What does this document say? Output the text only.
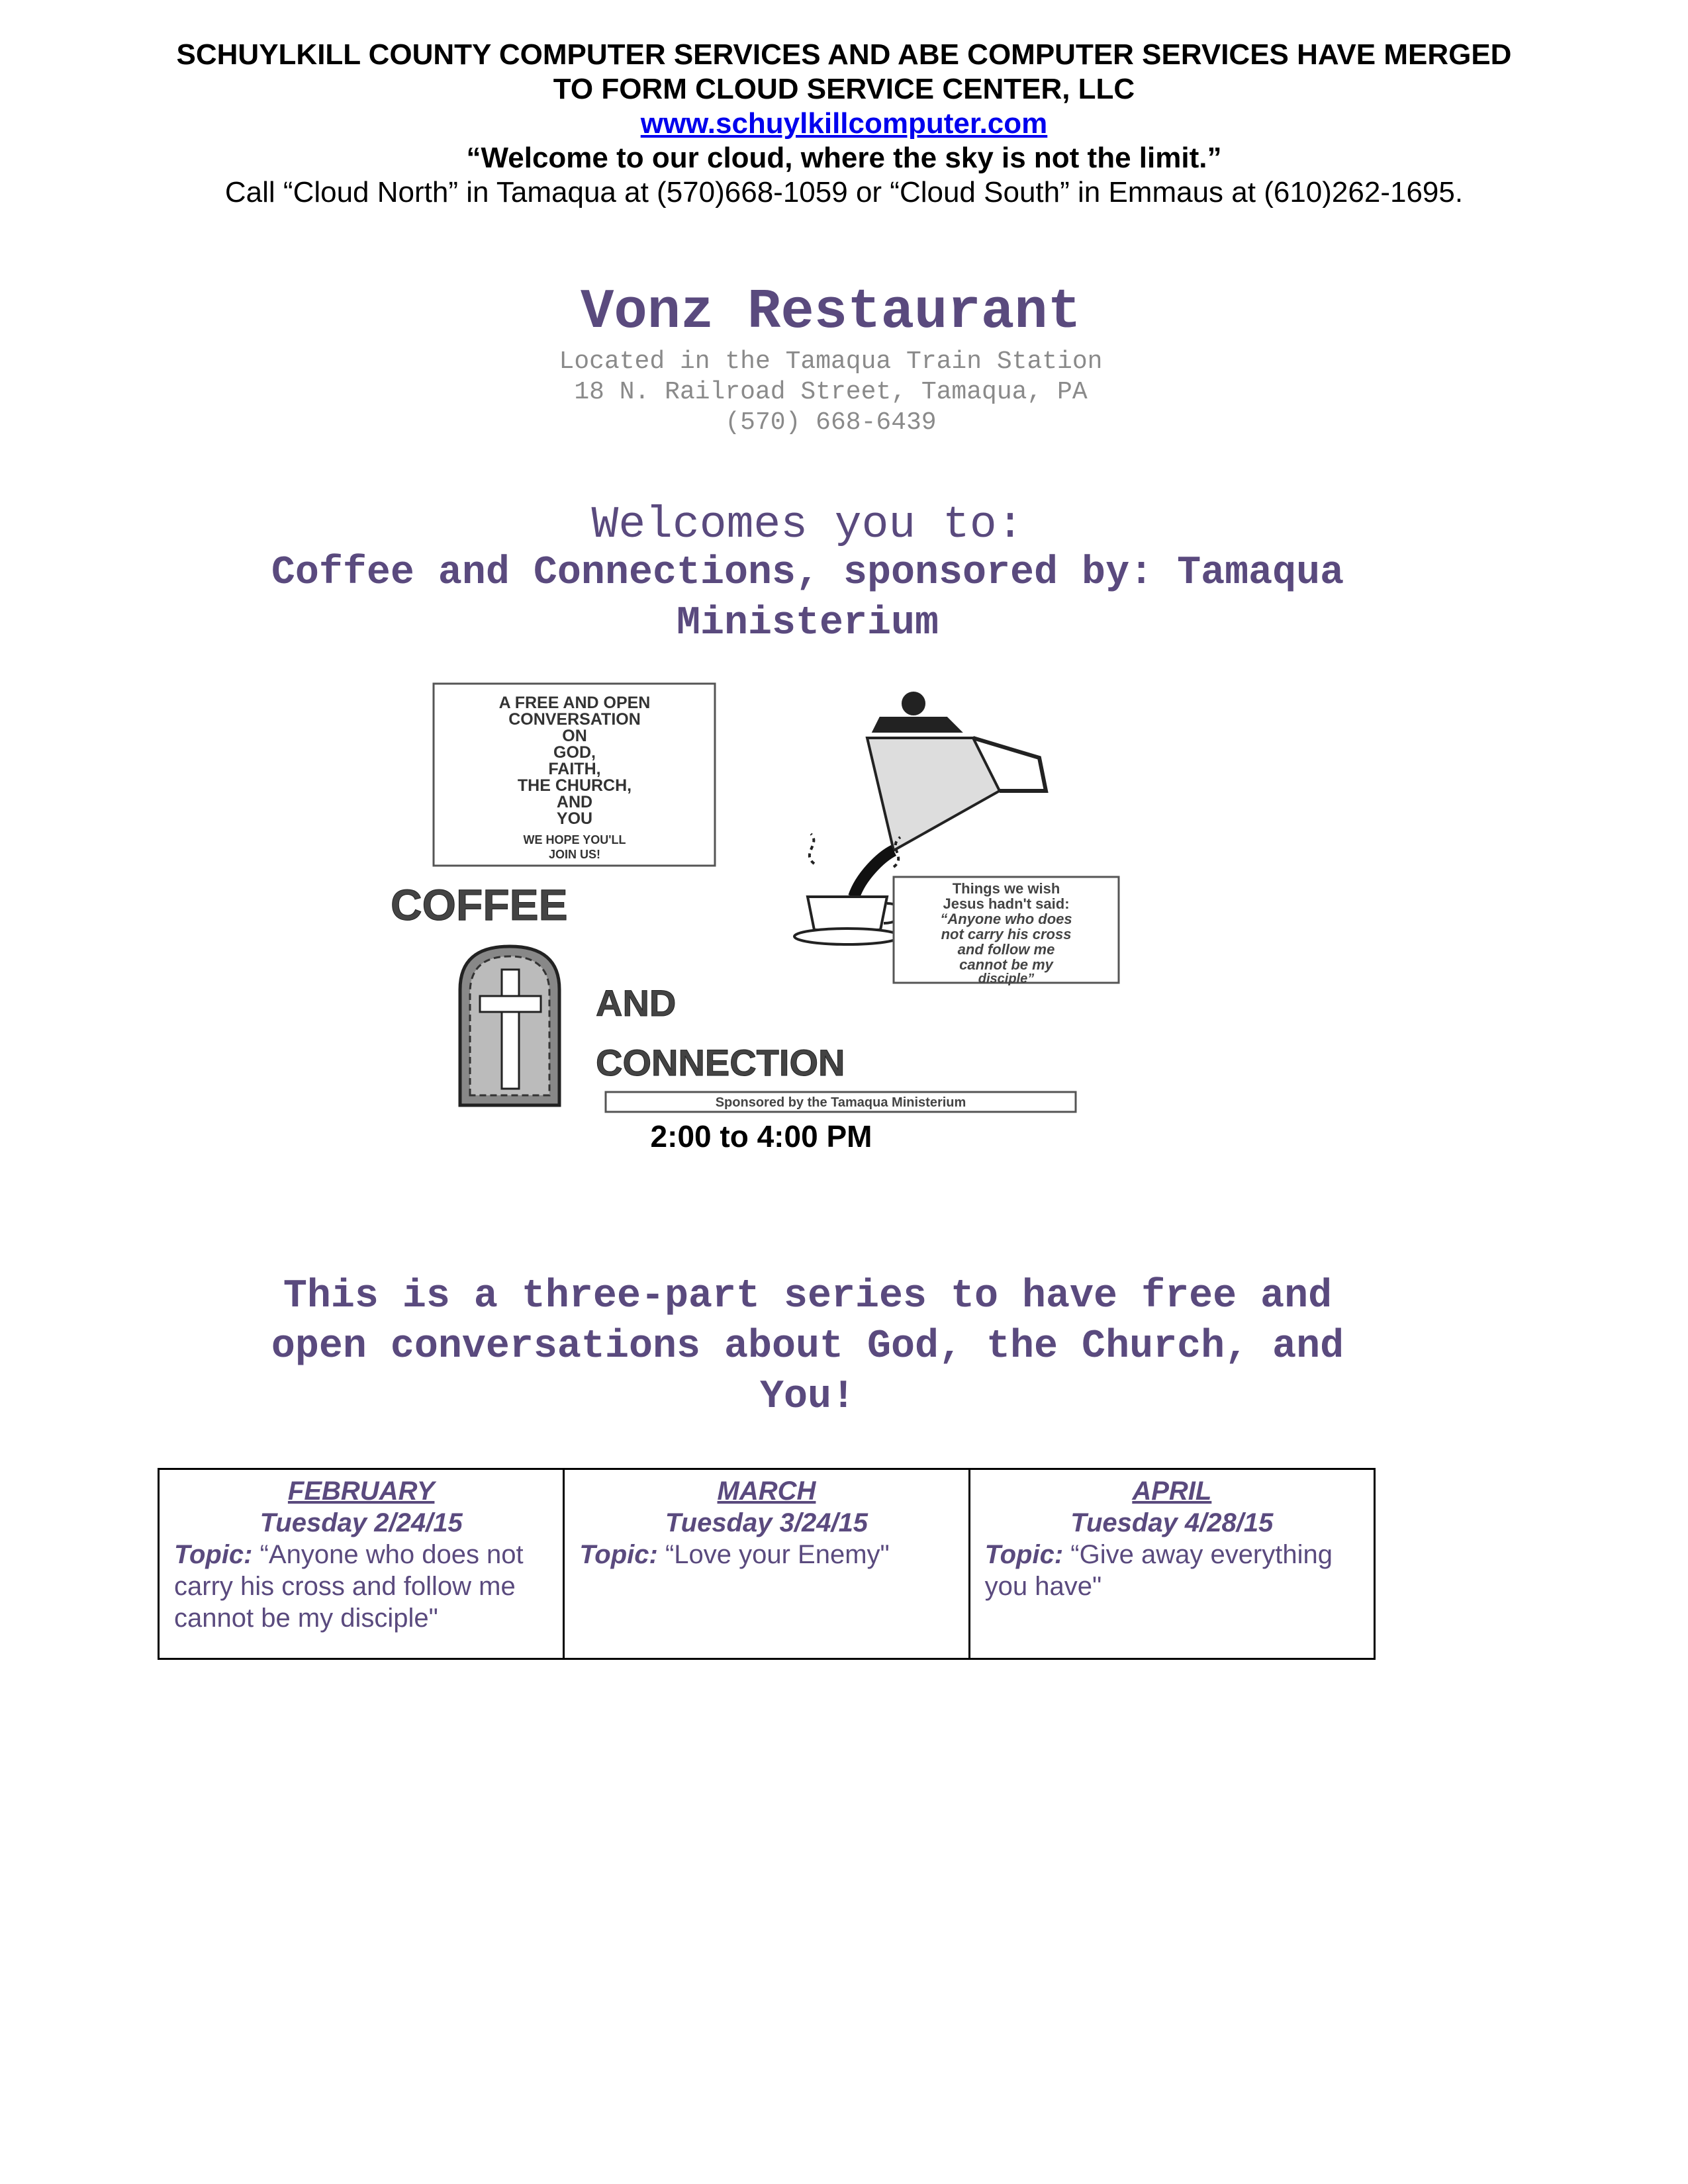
SCHUYLKILL COUNTY COMPUTER SERVICES AND ABE COMPUTER SERVICES HAVE MERGED
TO FORM CLOUD SERVICE CENTER, LLC
www.schuylkillcomputer.com
“Welcome to our cloud, where the sky is not the limit.”
Call “Cloud North” in Tamaqua at (570)668-1059 or “Cloud South” in Emmaus at (610)262-1695.
Vonz Restaurant
Located in the Tamaqua Train Station
18 N. Railroad Street, Tamaqua, PA
(570) 668-6439
Welcomes you to:
Coffee and Connections, sponsored by: Tamaqua
Ministerium
A FREE AND OPEN
CONVERSATION
ON
GOD,
FAITH,
THE CHURCH,
AND
YOU
WE HOPE YOU'LL
JOIN US!
COFFEE	Things we wish
Jesus hadn't said:
“Anyone who does
not carry his cross
and follow me
cannot be my
disciple”
AND
CONNECTION
Sponsored by the Tamaqua Ministerium
2:00 to 4:00 PM
This is a three-part series to have free and
open conversations about God, the Church, and
You!
FEBRUARY
Tuesday 2/24/15
Topic: “Anyone who does not carry his cross and follow me cannot be my disciple"
MARCH
Tuesday 3/24/15
Topic: “Love your Enemy"
APRIL
Tuesday 4/28/15
Topic: “Give away everything you have"
